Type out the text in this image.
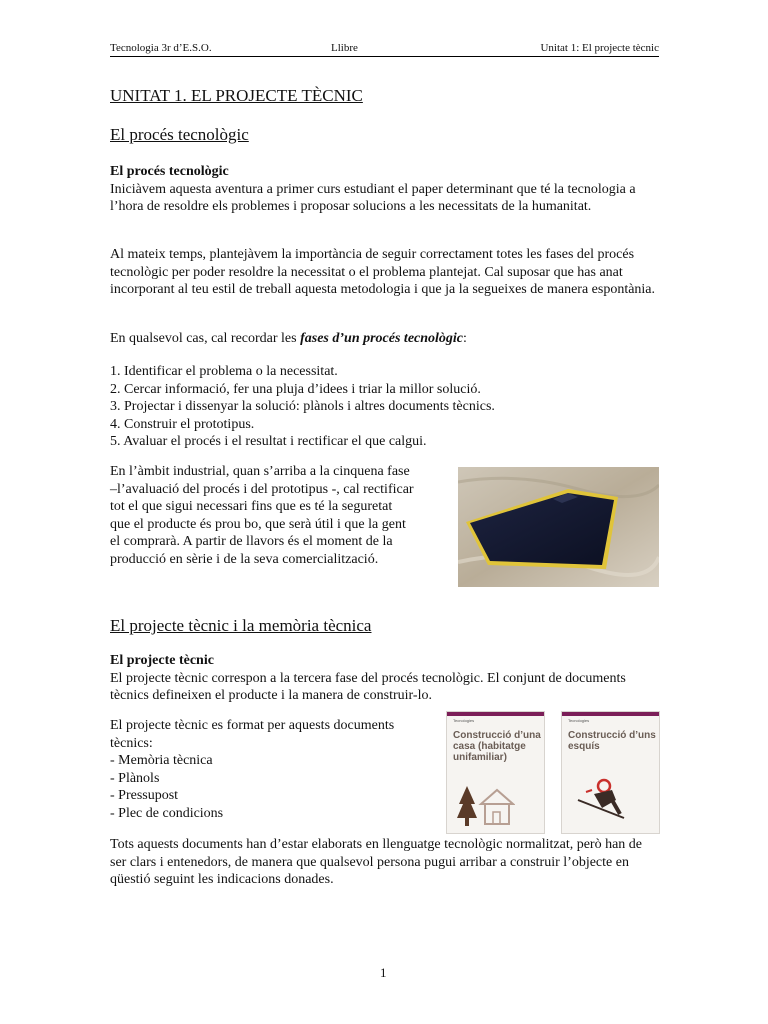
Tecnologia 3r d’E.S.O.	Llibre	Unitat 1: El projecte tècnic
UNITAT 1. EL PROJECTE TÈCNIC
El procés tecnològic

El procés tecnològic

Iniciàvem aquesta aventura a primer curs estudiant el paper determinant que té la tecnologia a l’hora de resoldre els problemes i proposar solucions a les necessitats de la humanitat.

Al mateix temps, plantejàvem la importància de seguir correctament totes les fases del procés tecnològic per poder resoldre la necessitat o el problema plantejat. Cal suposar que has anat incorporant al teu estil de treball aquesta metodologia i que ja la segueixes de manera espontània.
En qualsevol cas, cal recordar les fases d’un procés tecnològic:

1. Identificar el problema o la necessitat.

2. Cercar informació, fer una pluja d’idees i triar la millor solució.

3. Projectar i dissenyar la solució: plànols i altres documents tècnics.

4. Construir el prototipus.

5. Avaluar el procés i el resultat i rectificar el que calgui.

En l’àmbit industrial, quan s’arriba a la cinquena fase

–l’avaluació del procés i del prototipus -, cal rectificar

tot el que sigui necessari fins que es té la seguretat

que el producte és prou bo, que serà útil i que la gent

el comprarà. A partir de llavors és el moment de la

producció en sèrie i de la seva comercialització.

El projecte tècnic i la memòria tècnica

El projecte tècnic

El projecte tècnic correspon a la tercera fase del procés tecnològic. El conjunt de documents tècnics defineixen el producte i la manera de construir-lo.

El projecte tècnic es format per aquests documents

tècnics:

- Memòria tècnica

- Plànols

- Pressupost

- Plec de condicions

Tecnologies
Construcció d’una casa (habitatge unifamiliar)
Tecnologies
Construcció d’uns esquís
Tots aquests documents han d’estar elaborats en llenguatge tecnològic normalitzat, però han de ser clars i entenedors, de manera que qualsevol persona pugui arribar a construir l’objecte en qüestió seguint les indicacions donades.
1
